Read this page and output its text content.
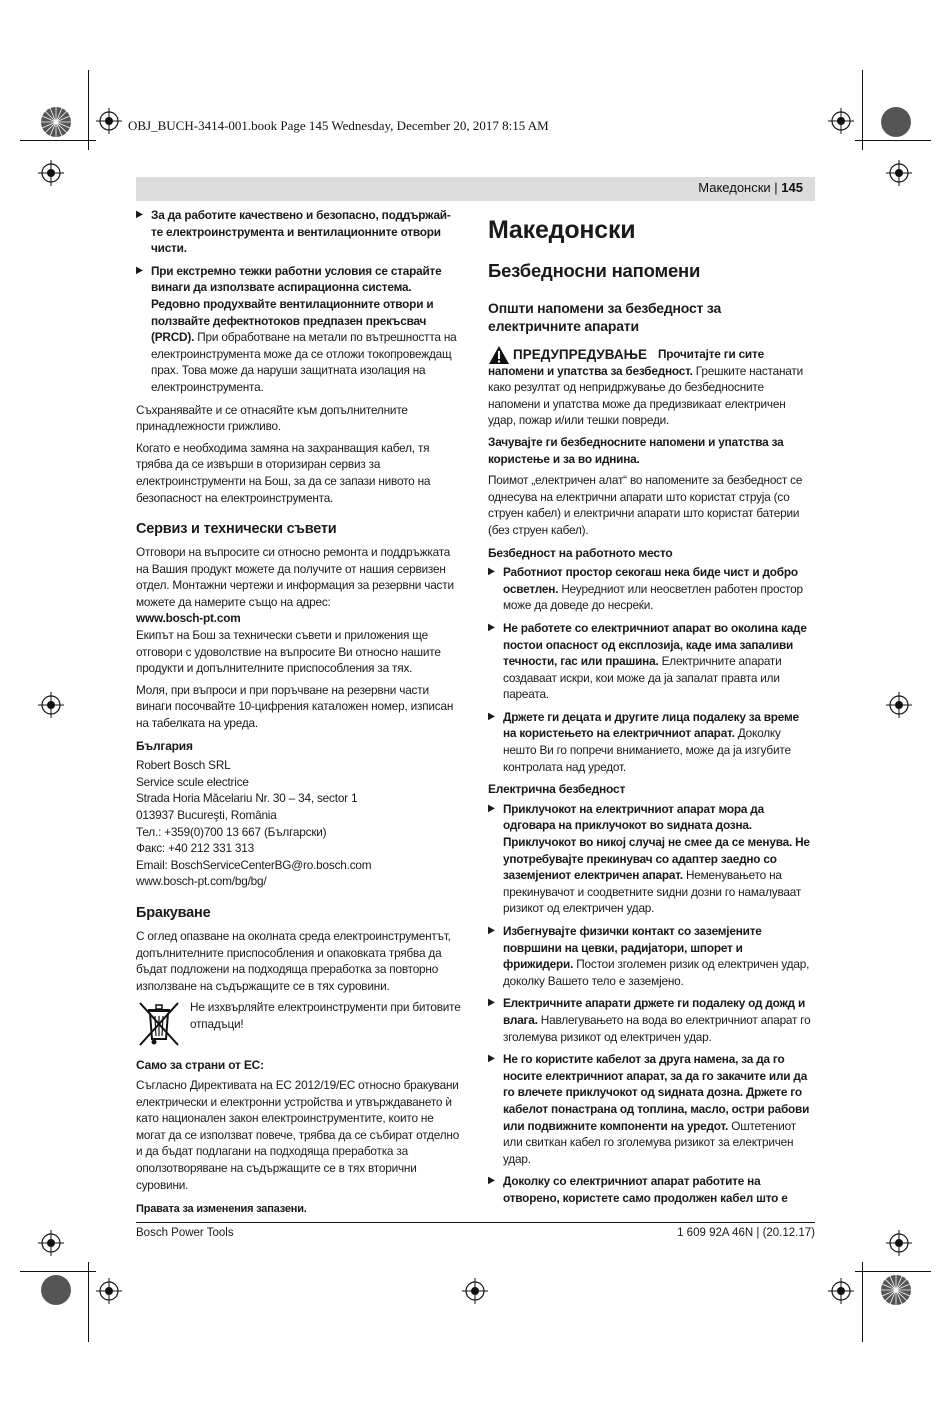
OBJ_BUCH-3414-001.book Page 145 Wednesday, December 20, 2017 8:15 AM
Македонски | 145
▶ За да работите качествено и безопасно, поддържай-те електроинструмента и вентилационните отвори чисти.
▶ При екстремно тежки работни условия се старайте винаги да използвате аспирационна система. Редовно продухвайте вентилационните отвори и ползвайте дефектнотоков предпазен прекъсвач (PRCD). При обработване на метали по вътрешността на електроинструмента може да се отложи токопровеждащ прах. Това може да наруши защитната изолация на електроинструмента.

Съхранявайте и се отнасяйте към допълнителните принадлежности грижливо.

Когато е необходима замяна на захранващия кабел, тя трябва да се извърши в оторизиран сервиз за електроинструменти на Бош, за да се запази нивото на безопасност на електроинструмента.

Сервиз и технически съвети

Отговори на въпросите си относно ремонта и поддръжката на Вашия продукт можете да получите от нашия сервизен отдел. Монтажни чертежи и информация за резервни части можете да намерите също на адрес:

www.bosch-pt.com

Екипът на Бош за технически съвети и приложения ще отговори с удоволствие на въпросите Ви относно нашите продукти и допълнителните приспособления за тях.

Моля, при въпроси и при поръчване на резервни части винаги посочвайте 10-цифрения каталожен номер, изписан на табелката на уреда.

България

Robert Bosch SRL

Service scule electrice

Strada Horia Măcelariu Nr. 30 – 34, sector 1

013937 Bucureşti, România

Тел.: +359(0)700 13 667 (Български)

Факс: +40 212 331 313

Email: BoschServiceCenterBG@ro.bosch.com

www.bosch-pt.com/bg/bg/

Бракуване

С оглед опазване на околната среда електроинструментът, допълнителните приспособления и опаковката трябва да бъдат подложени на подходяща преработка за повторно използване на съдържащите се в тях суровини.

Не изхвърляйте електроинструменти при битовите отпадъци!
Само за страни от ЕС:

Съгласно Директивата на ЕС 2012/19/ЕС относно бракувани електрически и електронни устройства и утвърждаването ѝ като национален закон електроинструментите, които не могат да се използват повече, трябва да се събират отделно и да бъдат подлагани на подходяща преработка за оползотворяване на съдържащите се в тях вторични суровини.

Правата за изменения запазени.

Македонски
Безбедносни напомени
Општи напомени за безбедност за електричните апарати
ПРЕДУПРЕДУВАЊЕ Прочитајте ги сите напомени и упатства за безбедност. Грешките настанати како резултат од непридржување до безбедносните напомени и упатства може да предизвикаат електричен удар, пожар и/или тешки повреди.

Зачувајте ги безбедносните напомени и упатства за користење и за во иднина.

Поимот „електричен алат“ во напомените за безбедност се однесува на електрични апарати што користат струја (со струен кабел) и електрични апарати што користат батерии (без струен кабел).

Безбедност на работното место
▶ Работниот простор секогаш нека биде чист и добро осветлен. Неуредниот или неосветлен работен простор може да доведе до несреќи.
▶ Не работете со електричниот апарат во околина каде постои опасност од експлозија, каде има запаливи течности, гас или прашина. Електричните апарати создаваат искри, кои може да ја запалат правта или пареата.
▶ Држете ги децата и другите лица подалеку за време на користењето на електричниот апарат. Доколку нешто Ви го попречи вниманието, може да ја изгубите контролата над уредот.
Електрична безбедност
▶ Приклучокот на електричниот апарат мора да одговара на приклучокот во ѕидната дозна. Приклучокот во никој случај не смее да се менува. Не употребувајте прекинувач со адаптер заедно со заземјениот електричен апарат. Неменувањето на прекинувачот и соодветните ѕидни дозни го намалуваат ризикот од електричен удар.
▶ Избегнувајте физички контакт со заземјените површини на цевки, радијатори, шпорет и фрижидери. Постои зголемен ризик од електричен удар, доколку Вашето тело е заземјено.
▶ Електричните апарати држете ги подалеку од дожд и влага. Навлегувањето на вода во електричниот апарат го зголемува ризикот од електричен удар.
▶ Не го користите кабелот за друга намена, за да го носите електричниот апарат, за да го закачите или да го влечете приклучокот од ѕидната дозна. Држете го кабелот понастрана од топлина, масло, остри рабови или подвижните компоненти на уредот. Оштетениот или свиткан кабел го зголемува ризикот за електричен удар.
▶ Доколку со електричниот апарат работите на отворено, користете само продолжен кабел што е
Bosch Power Tools	1 609 92A 46N | (20.12.17)
